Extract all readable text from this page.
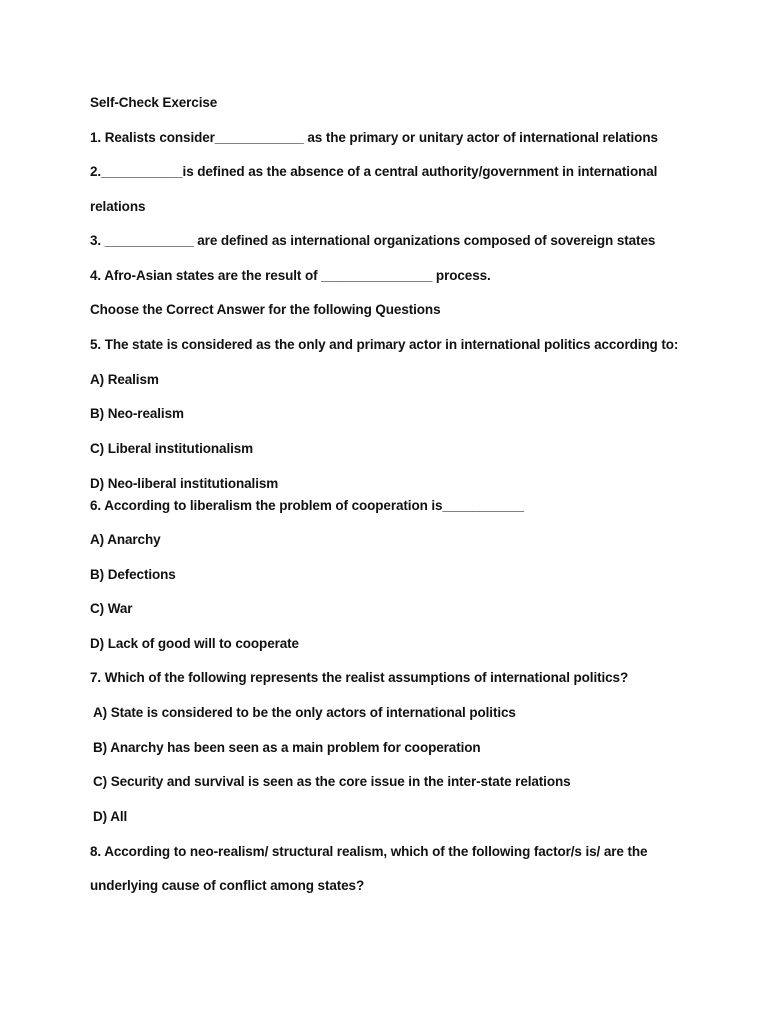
Self-Check Exercise
1. Realists consider____________ as the primary or unitary actor of international relations
2.___________is defined as the absence of a central authority/government in international
relations
3. ____________ are defined as international organizations composed of sovereign states
4. Afro-Asian states are the result of _______________ process.
Choose the Correct Answer for the following Questions
5. The state is considered as the only and primary actor in international politics according to:
A) Realism
B) Neo-realism
C) Liberal institutionalism
D) Neo-liberal institutionalism
6. According to liberalism the problem of cooperation is___________
A) Anarchy
B) Defections
C) War
D) Lack of good will to cooperate
7. Which of the following represents the realist assumptions of international politics?
A) State is considered to be the only actors of international politics
B) Anarchy has been seen as a main problem for cooperation
C) Security and survival is seen as the core issue in the inter-state relations
D) All
8. According to neo-realism/ structural realism, which of the following factor/s is/ are the
underlying cause of conflict among states?
